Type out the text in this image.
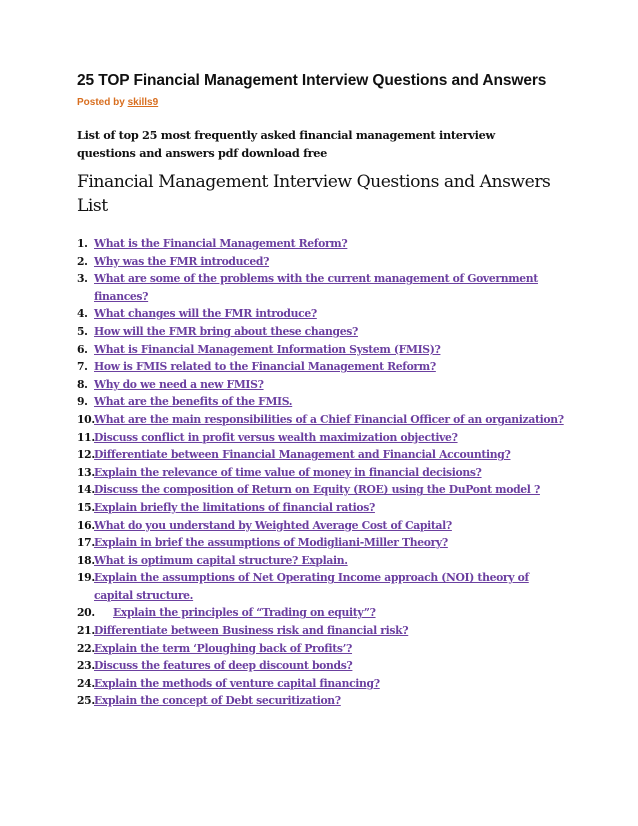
25 TOP Financial Management Interview Questions and Answers
Posted by skills9
List of top 25 most frequently asked financial management interview questions and answers pdf download free
Financial Management Interview Questions and Answers List
1. What is the Financial Management Reform?
2. Why was the FMR introduced?
3. What are some of the problems with the current management of Government finances?
4. What changes will the FMR introduce?
5. How will the FMR bring about these changes?
6. What is Financial Management Information System (FMIS)?
7. How is FMIS related to the Financial Management Reform?
8. Why do we need a new FMIS?
9. What are the benefits of the FMIS.
10. What are the main responsibilities of a Chief Financial Officer of an organization?
11. Discuss conflict in profit versus wealth maximization objective?
12. Differentiate between Financial Management and Financial Accounting?
13. Explain the relevance of time value of money in financial decisions?
14. Discuss the composition of Return on Equity (ROE) using the DuPont model ?
15. Explain briefly the limitations of financial ratios?
16. What do you understand by Weighted Average Cost of Capital?
17. Explain in brief the assumptions of Modigliani-Miller Theory?
18. What is optimum capital structure? Explain.
19. Explain the assumptions of Net Operating Income approach (NOI) theory of capital structure.
20.	Explain the principles of “Trading on equity”?
21. Differentiate between Business risk and financial risk?
22. Explain the term ‘Ploughing back of Profits’?
23. Discuss the features of deep discount bonds?
24. Explain the methods of venture capital financing?
25. Explain the concept of Debt securitization?
